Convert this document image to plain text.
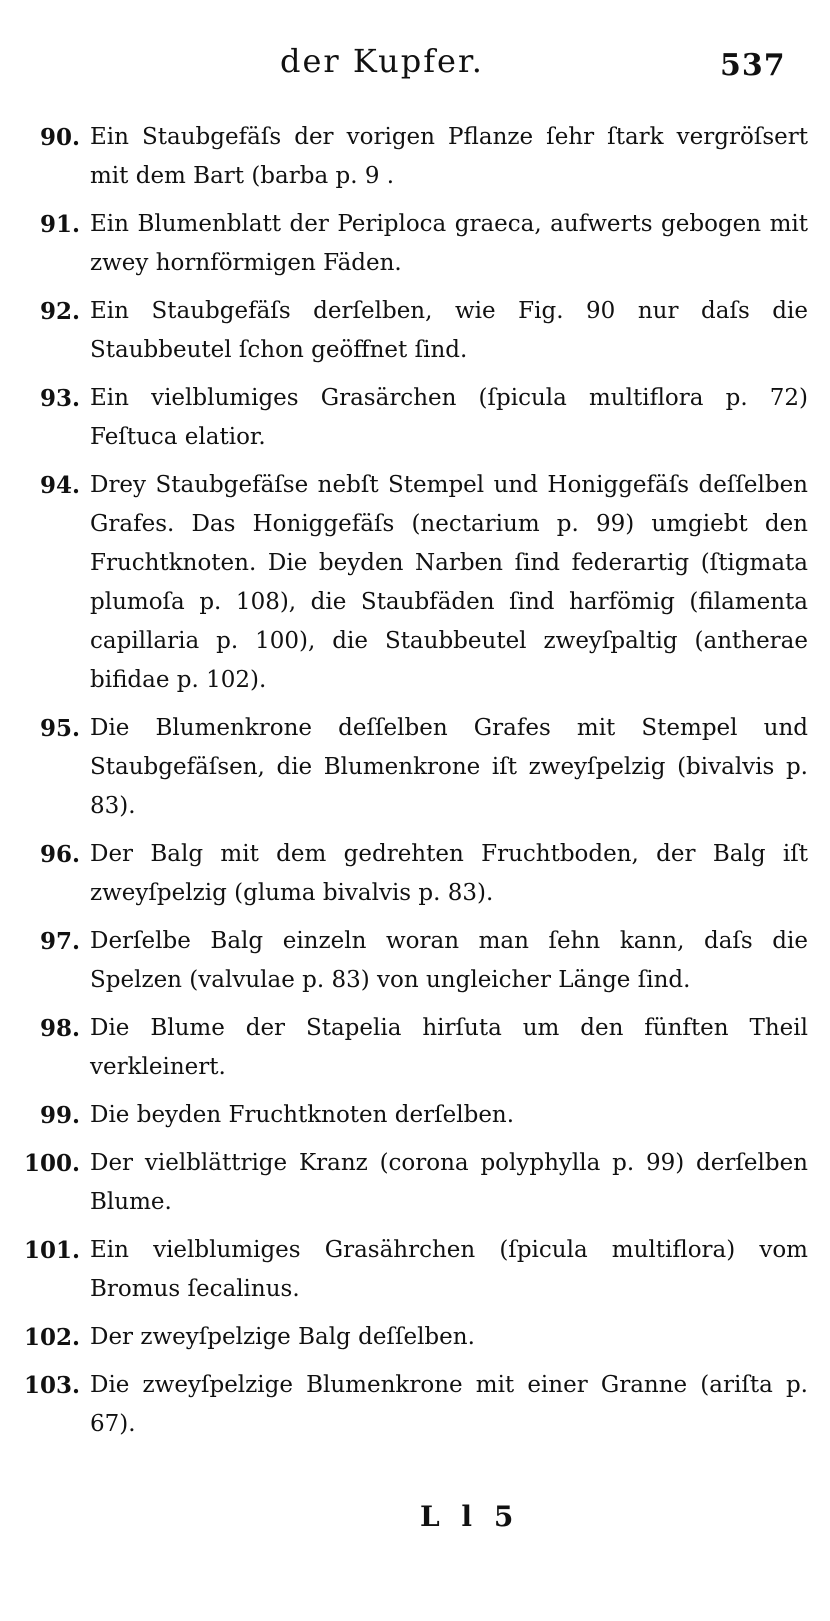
der Kupfer.	537
90. Ein Staubgefäſs der vorigen Pflanze ſehr ſtark vergröſsert mit dem Bart (barba p. 9 .
91. Ein Blumenblatt der Periploca graeca, aufwerts gebogen mit zwey hornförmigen Fäden.
92. Ein Staubgefäſs derſelben, wie Fig. 90 nur daſs die Staubbeutel ſchon geöffnet ſind.
93. Ein vielblumiges Grasärchen (ſpicula multiflora p. 72) Feſtuca elatior.
94. Drey Staubgefäſse nebſt Stempel und Honiggefäſs deſſelben Grafes. Das Honiggefäſs (nectarium p. 99) umgiebt den Fruchtknoten. Die beyden Narben ſind federartig (ſtigmata plumoſa p. 108), die Staubfäden ſind harfömig (filamenta capillaria p. 100), die Staubbeutel zweyſpaltig (antherae bifidae p. 102).
95. Die Blumenkrone deſſelben Grafes mit Stempel und Staubgefäſsen, die Blumenkrone iſt zweyſpelzig (bivalvis p. 83).
96. Der Balg mit dem gedrehten Fruchtboden, der Balg iſt zweyſpelzig (gluma bivalvis p. 83).
97. Derſelbe Balg einzeln woran man ſehn kann, daſs die Spelzen (valvulae p. 83) von ungleicher Länge ſind.
98. Die Blume der Stapelia hirſuta um den fünften Theil verkleinert.
99. Die beyden Fruchtknoten derſelben.
100. Der vielblättrige Kranz (corona polyphylla p. 99) derſelben Blume.
101. Ein vielblumiges Grasährchen (ſpicula multiflora) vom Bromus ſecalinus.
102. Der zweyſpelzige Balg deſſelben.
103. Die zweyſpelzige Blumenkrone mit einer Granne (ariſta p. 67).
L l 5
